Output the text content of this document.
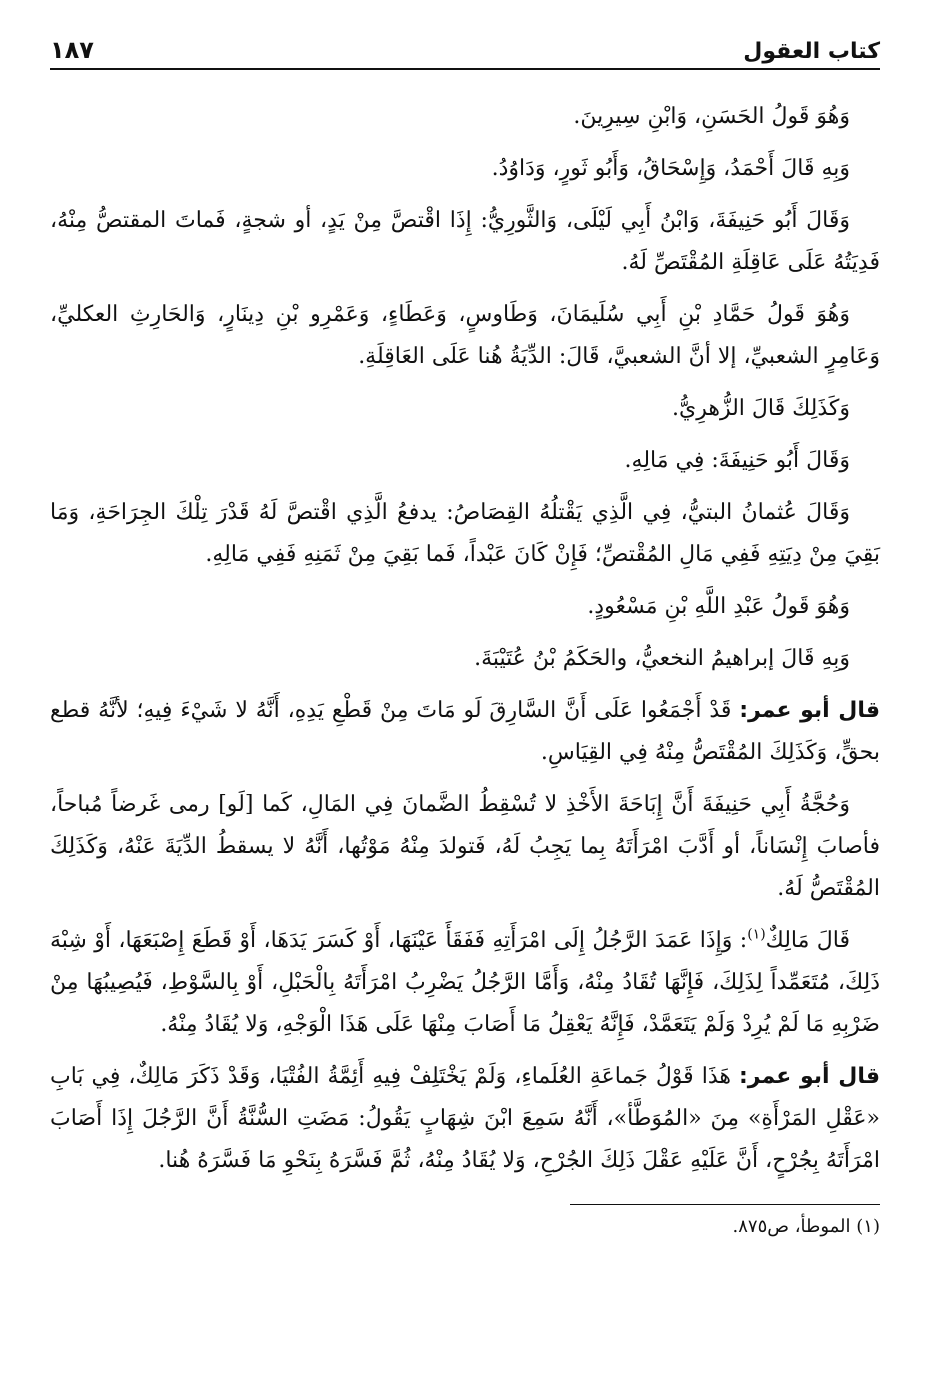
كتاب العقول
١٨٧

وَهُوَ قَولُ الحَسَنِ، وَابْنِ سِيرِينَ.

وَبِهِ قَالَ أَحْمَدُ، وَإِسْحَاقُ، وَأَبُو ثَورٍ، وَدَاوُدُ.

وَقَالَ أَبُو حَنِيفَةَ، وَابْنُ أَبِي لَيْلَى، وَالثَّورِيُّ: إِذَا اقْتصَّ مِنْ يَدٍ، أو شجةٍ، فَماتَ المقتصُّ مِنْهُ، فَدِيَتُهُ عَلَى عَاقِلَةِ المُقْتَصِّ لَهُ.

وَهُوَ قَولُ حَمَّادِ بْنِ أَبِي سُلَيمَانَ، وَطَاوسٍ، وَعَطَاءٍ، وَعَمْرِو بْنِ دِينَارٍ، وَالحَارِثِ العكليِّ، وَعَامِرٍ الشعبيِّ، إلا أنَّ الشعبيَّ، قَالَ: الدِّيَةُ هُنا عَلَى العَاقِلَةِ.

وَكَذَلِكَ قَالَ الزُّهرِيُّ.

وَقَالَ أَبُو حَنِيفَةَ: فِي مَالِهِ.

وَقَالَ عُثمانُ البتيُّ، فِي الَّذِي يَقْتلُهُ القِصَاصُ: يدفعُ الَّذِي اقْتصَّ لَهُ قَدْرَ تِلْكَ الجِرَاحَةِ، وَمَا بَقِيَ مِنْ دِيَتِهِ فَفِي مَالِ المُقْتصِّ؛ فَإِنْ كَانَ عَبْداً، فَما بَقِيَ مِنْ ثَمَنِهِ فَفِي مَالِهِ.

وَهُوَ قَولُ عَبْدِ اللَّهِ بْنِ مَسْعُودٍ.

وَبِهِ قَالَ إبراهيمُ النخعيُّ، والحَكَمُ بْنُ عُتَيْبَةَ.

قال أبو عمر: قَدْ أَجْمَعُوا عَلَى أَنَّ السَّارِقَ لَو مَاتَ مِنْ قَطْعِ يَدِهِ، أَنَّهُ لا شَيْءَ فِيهِ؛ لأنَّهُ قطع بحقٍّ، وَكَذَلِكَ المُقْتَصُّ مِنْهُ فِي القِيَاسِ.

وَحُجَّةُ أَبِي حَنِيفَةَ أَنَّ إِبَاحَةَ الأَخْذِ لا تُسْقِطُ الضَّمانَ فِي المَالِ، كَما [لَو] رمى غَرضاً مُباحاً، فأصابَ إِنْسَاناً، أو أَدَّبَ امْرَأَتَهُ بِما يَجِبُ لَهُ، فَتولدَ مِنْهُ مَوْتُها، أَنَّهُ لا يسقطُ الدِّيَةَ عَنْهُ، وَكَذَلِكَ المُقْتَصُّ لَهُ.

قَالَ مَالِكٌ$^{(١)}$: وَإِذَا عَمَدَ الرَّجُلُ إِلَى امْرَأَتِهِ فَفَقَأَ عَيْنَهَا، أَوْ كَسَرَ يَدَهَا، أَوْ قَطَعَ إِصْبَعَهَا، أَوْ شِبْهَ ذَلِكَ، مُتَعَمِّداً لِذَلِكَ، فَإِنَّهَا تُقَادُ مِنْهُ، وَأَمَّا الرَّجُلُ يَضْرِبُ امْرَأَتَهُ بِالْحَبْلِ، أَوْ بِالسَّوْطِ، فَيُصِيبُهَا مِنْ ضَرْبِهِ مَا لَمْ يُرِدْ وَلَمْ يَتَعَمَّدْ، فَإِنَّهُ يَعْقِلُ مَا أَصَابَ مِنْهَا عَلَى هَذَا الْوَجْهِ، وَلا يُقَادُ مِنْهُ.

قال أبو عمر: هَذَا قَوْلُ جَماعَةِ العُلَماءِ، وَلَمْ يَخْتَلِفْ فِيهِ أَئِمَّةُ الفُتْيَا، وَقَدْ ذَكَرَ مَالِكٌ، فِي بَابِ «عَقْلِ المَرْأَةِ» مِنَ «المُوَطَّأ»، أَنَّهُ سَمِعَ ابْنَ شِهَابٍ يَقُولُ: مَضَتِ السُّنَّةُ أَنَّ الرَّجُلَ إِذَا أَصَابَ امْرَأَتَهُ بِجُرْحٍ، أَنَّ عَلَيْهِ عَقْلَ ذَلِكَ الجُرْحِ، وَلا يُقَادُ مِنْهُ، ثُمَّ فَسَّرَهُ بِنَحْوِ مَا فَسَّرَهُ هُنا.

(١) الموطأ، ص٨٧٥.
